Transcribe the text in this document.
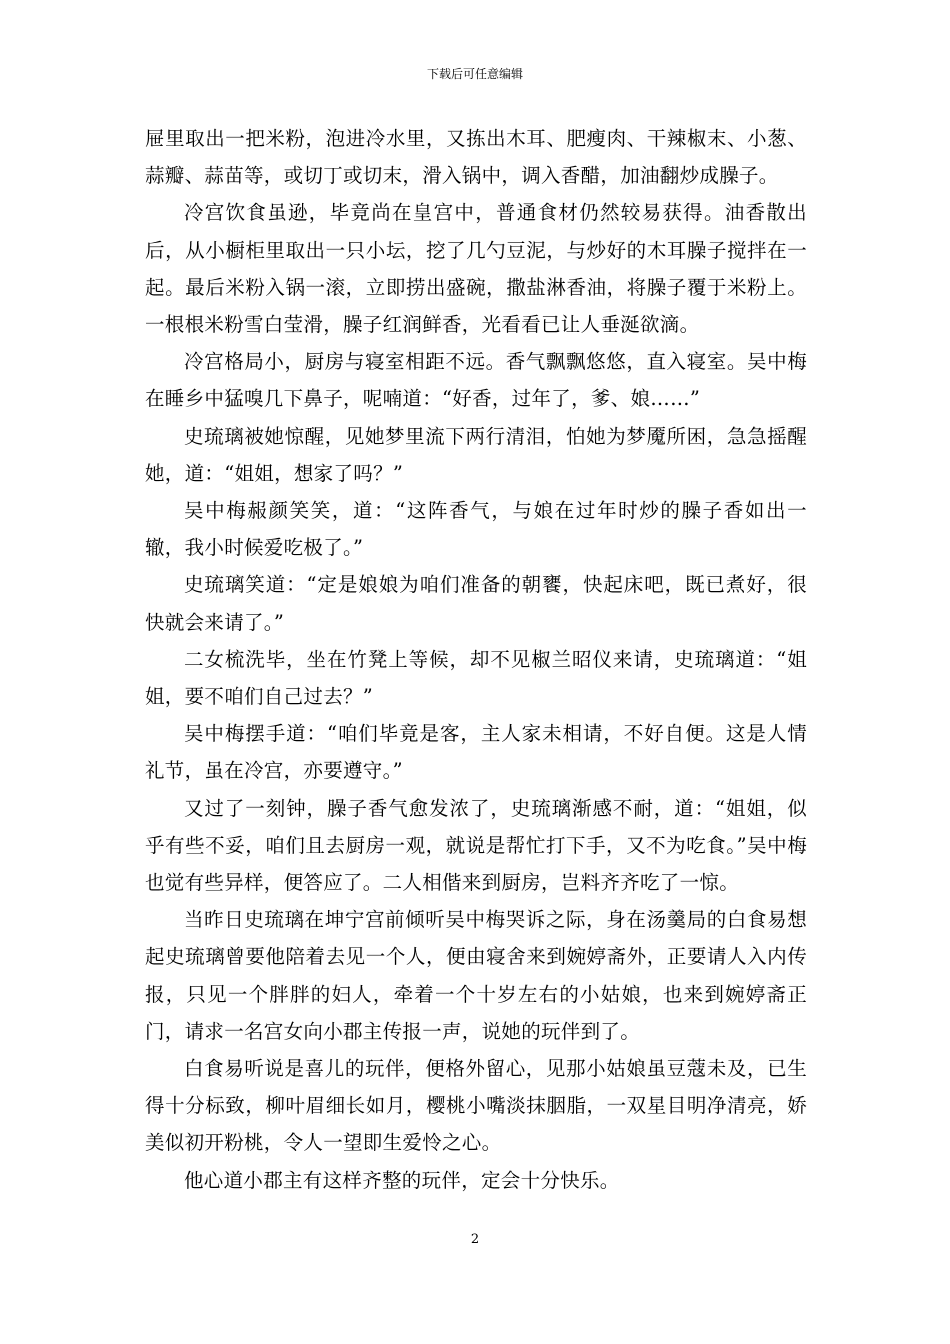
下载后可任意编辑

屉里取出一把米粉，泡进冷水里，又拣出木耳、肥瘦肉、干辣椒末、小葱、蒜瓣、蒜苗等，或切丁或切末，滑入锅中，调入香醋，加油翻炒成臊子。

冷宫饮食虽逊，毕竟尚在皇宫中，普通食材仍然较易获得。油香散出后，从小橱柜里取出一只小坛，挖了几勺豆泥，与炒好的木耳臊子搅拌在一起。最后米粉入锅一滚，立即捞出盛碗，撒盐淋香油，将臊子覆于米粉上。一根根米粉雪白莹滑，臊子红润鲜香，光看看已让人垂涎欲滴。

冷宫格局小，厨房与寝室相距不远。香气飘飘悠悠，直入寝室。吴中梅在睡乡中猛嗅几下鼻子，呢喃道：“好香，过年了，爹、娘……”

史琉璃被她惊醒，见她梦里流下两行清泪，怕她为梦魇所困，急急摇醒她，道：“姐姐，想家了吗？”

吴中梅赧颜笑笑，道：“这阵香气，与娘在过年时炒的臊子香如出一辙，我小时候爱吃极了。”

史琉璃笑道：“定是娘娘为咱们准备的朝饔，快起床吧，既已煮好，很快就会来请了。”

二女梳洗毕，坐在竹凳上等候，却不见椒兰昭仪来请，史琉璃道：“姐姐，要不咱们自己过去？”

吴中梅摆手道：“咱们毕竟是客，主人家未相请，不好自便。这是人情礼节，虽在冷宫，亦要遵守。”

又过了一刻钟，臊子香气愈发浓了，史琉璃渐感不耐，道：“姐姐，似乎有些不妥，咱们且去厨房一观，就说是帮忙打下手，又不为吃食。”吴中梅也觉有些异样，便答应了。二人相偕来到厨房，岂料齐齐吃了一惊。

当昨日史琉璃在坤宁宫前倾听吴中梅哭诉之际，身在汤羹局的白食易想起史琉璃曾要他陪着去见一个人，便由寝舍来到婉婷斋外，正要请人入内传报，只见一个胖胖的妇人，牵着一个十岁左右的小姑娘，也来到婉婷斋正门，请求一名宫女向小郡主传报一声，说她的玩伴到了。

白食易听说是喜儿的玩伴，便格外留心，见那小姑娘虽豆蔻未及，已生得十分标致，柳叶眉细长如月，樱桃小嘴淡抹胭脂，一双星目明净清亮，娇美似初开粉桃，令人一望即生爱怜之心。

他心道小郡主有这样齐整的玩伴，定会十分快乐。

2
